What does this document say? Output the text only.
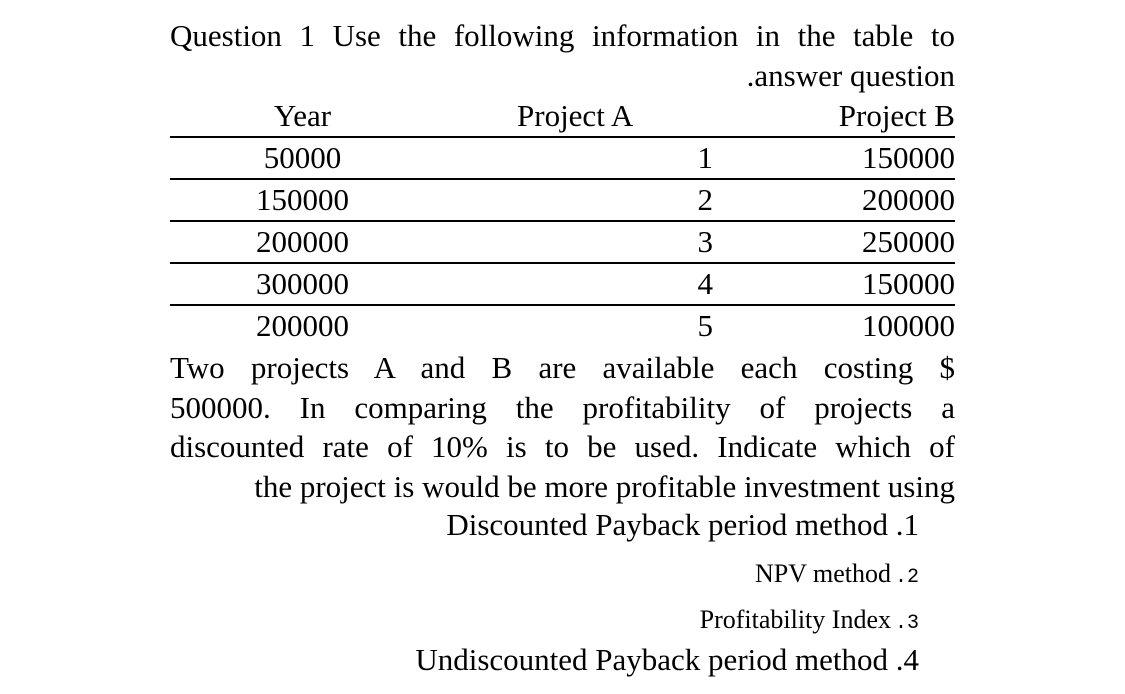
Question 1 Use the following information in the table to
.answer question
Year	Project A	Project B
50000	1	150000
150000	2	200000
200000	3	250000
300000	4	150000
200000	5	100000
Two projects A and B are available each costing $
500000. In comparing the profitability of projects a
discounted rate of 10% is to be used. Indicate which of
the project is would be more profitable investment using
Discounted Payback period method .1
NPV method .2
Profitability Index .3
Undiscounted Payback period method .4
